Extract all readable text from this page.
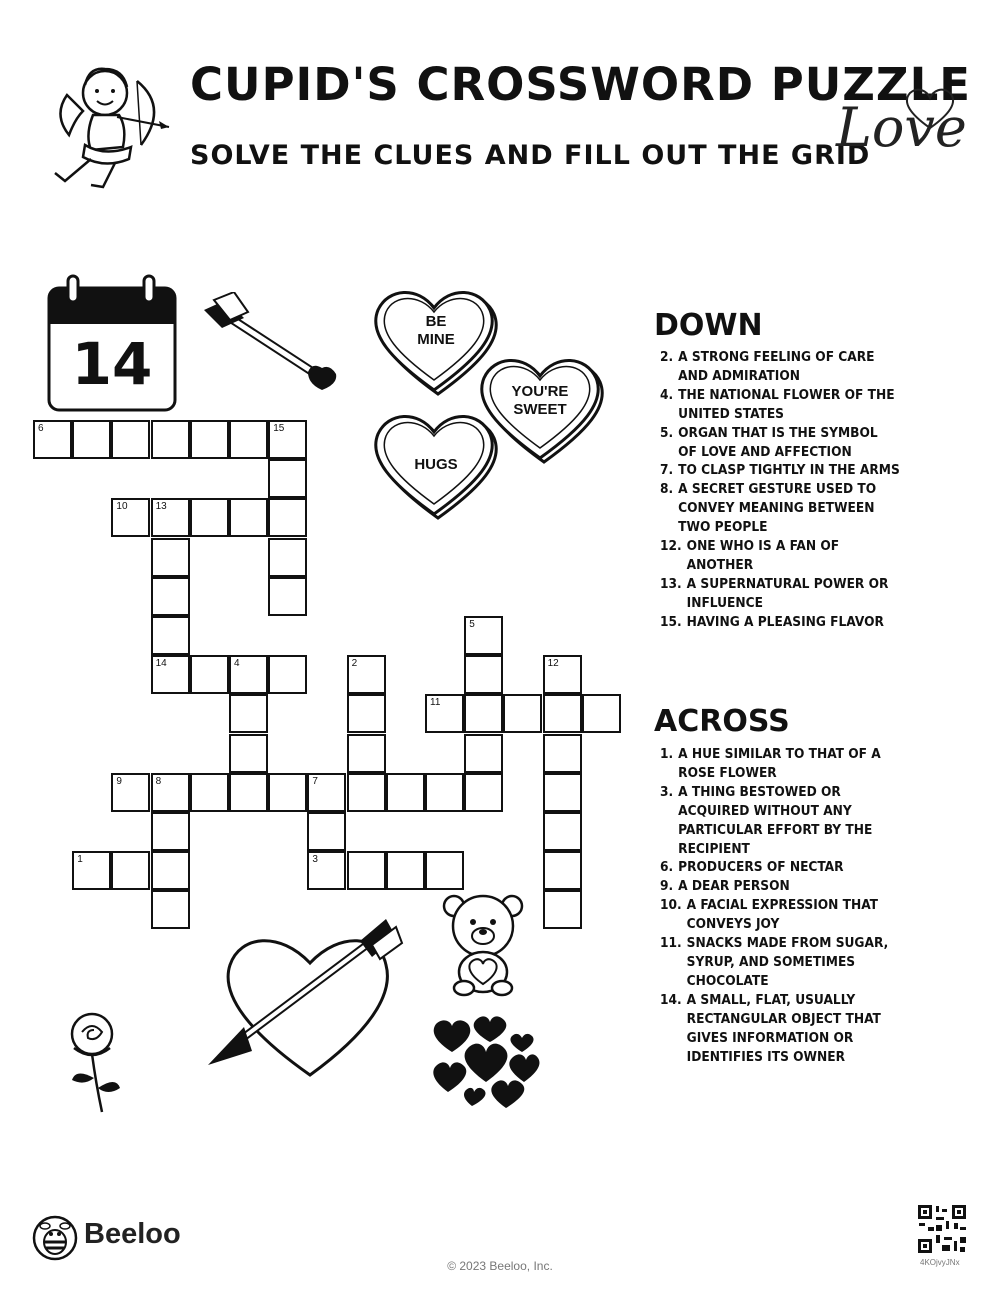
CUPID'S CROSSWORD PUZZLE
SOLVE THE CLUES AND FILL OUT THE GRID
Love
14
BE
MINE
YOU'RE
SWEET
HUGS
6	15
10	13
14	4	2
5
12
11
9	8	7
3
1
DOWN
2. A STRONG FEELING OF CARE AND ADMIRATION
4. THE NATIONAL FLOWER OF THE UNITED STATES
5. ORGAN THAT IS THE SYMBOL OF LOVE AND AFFECTION
7. TO CLASP TIGHTLY IN THE ARMS
8. A SECRET GESTURE USED TO CONVEY MEANING BETWEEN TWO PEOPLE
12. ONE WHO IS A FAN OF ANOTHER
13. A SUPERNATURAL POWER OR INFLUENCE
15. HAVING A PLEASING FLAVOR
ACROSS
1. A HUE SIMILAR TO THAT OF A ROSE FLOWER
3. A THING BESTOWED OR ACQUIRED WITHOUT ANY PARTICULAR EFFORT BY THE RECIPIENT
6. PRODUCERS OF NECTAR
9. A DEAR PERSON
10. A FACIAL EXPRESSION THAT CONVEYS JOY
11. SNACKS MADE FROM SUGAR, SYRUP, AND SOMETIMES CHOCOLATE
14. A SMALL, FLAT, USUALLY RECTANGULAR OBJECT THAT GIVES INFORMATION OR IDENTIFIES ITS OWNER
Beeloo
© 2023 Beeloo, Inc.	4KOjvyJNx
